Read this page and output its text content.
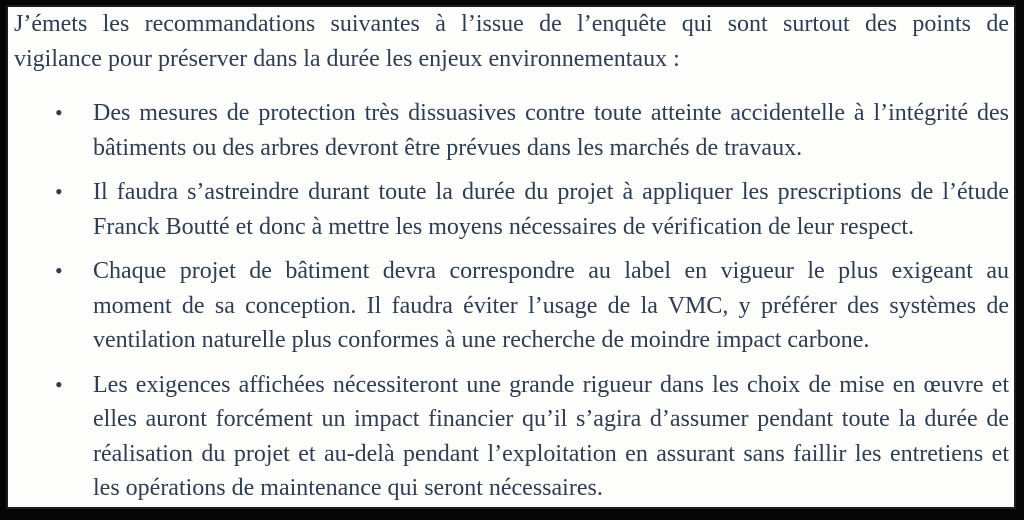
J’émets les recommandations suivantes à l’issue de l’enquête qui sont surtout des points de
vigilance pour préserver dans la durée les enjeux environnementaux :

• Des mesures de protection très dissuasives contre toute atteinte accidentelle à l’intégrité des
bâtiments ou des arbres devront être prévues dans les marchés de travaux.
• Il faudra s’astreindre durant toute la durée du projet à appliquer les prescriptions de l’étude
Franck Boutté et donc à mettre les moyens nécessaires de vérification de leur respect.
• Chaque projet de bâtiment devra correspondre au label en vigueur le plus exigeant au
moment de sa conception. Il faudra éviter l’usage de la VMC, y préférer des systèmes de
ventilation naturelle plus conformes à une recherche de moindre impact carbone.
• Les exigences affichées nécessiteront une grande rigueur dans les choix de mise en œuvre et
elles auront forcément un impact financier qu’il s’agira d’assumer pendant toute la durée de
réalisation du projet et au-delà pendant l’exploitation en assurant sans faillir les entretiens et
les opérations de maintenance qui seront nécessaires.
